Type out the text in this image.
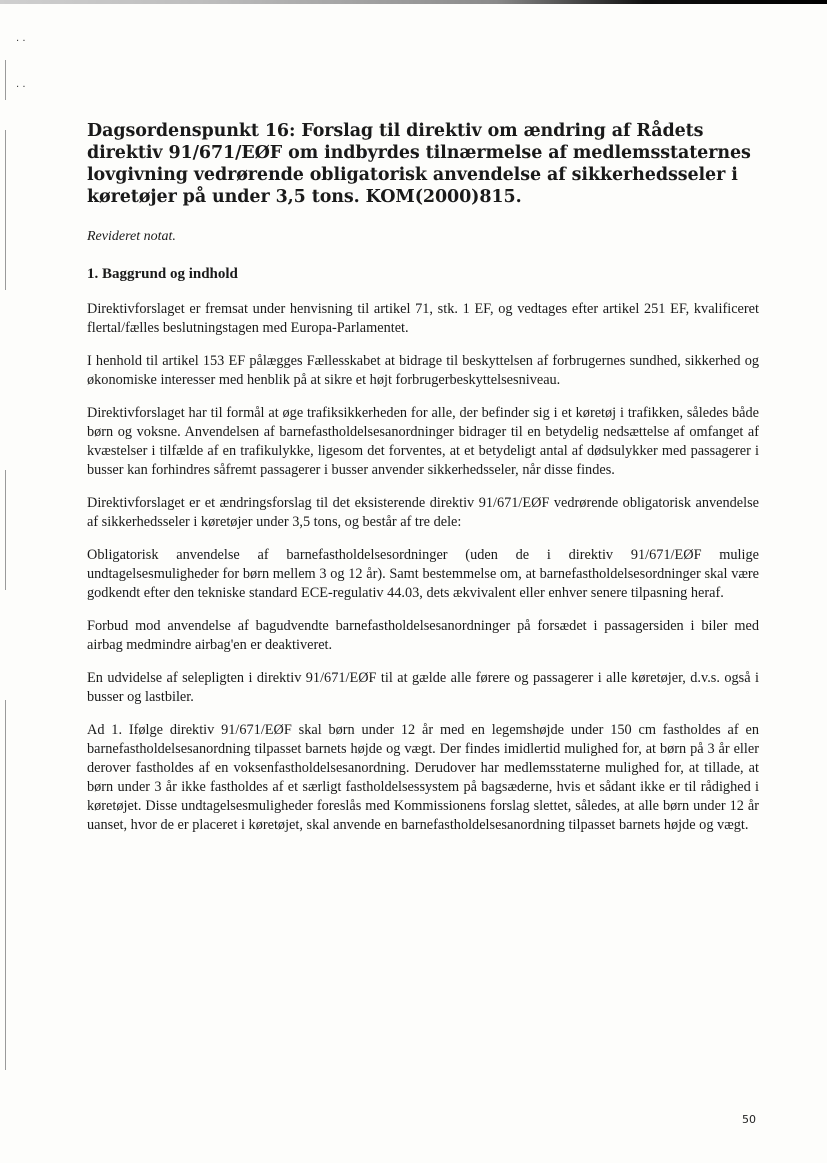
· ·
· ·
Dagsordenspunkt 16: Forslag til direktiv om ændring af Rådets direktiv 91/671/EØF om indbyrdes tilnærmelse af medlemsstaternes lovgivning vedrørende obligatorisk anvendelse af sikkerhedsseler i køretøjer på under 3,5 tons. KOM(2000)815.
Revideret notat.
1. Baggrund og indhold

Direktivforslaget er fremsat under henvisning til artikel 71, stk. 1 EF, og vedtages efter artikel 251 EF, kvalificeret flertal/fælles beslutningstagen med Europa-Parlamentet.

I henhold til artikel 153 EF pålægges Fællesskabet at bidrage til beskyttelsen af forbrugernes sundhed, sikkerhed og økonomiske interesser med henblik på at sikre et højt forbrugerbeskyttelsesniveau.

Direktivforslaget har til formål at øge trafiksikkerheden for alle, der befinder sig i et køretøj i trafikken, således både børn og voksne. Anvendelsen af barnefastholdelsesanordninger bidrager til en betydelig nedsættelse af omfanget af kvæstelser i tilfælde af en trafikulykke, ligesom det forventes, at et betydeligt antal af dødsulykker med passagerer i busser kan forhindres såfremt passagerer i busser anvender sikkerhedsseler, når disse findes.

Direktivforslaget er et ændringsforslag til det eksisterende direktiv 91/671/EØF vedrørende obligatorisk anvendelse af sikkerhedsseler i køretøjer under 3,5 tons, og består af tre dele:

Obligatorisk anvendelse af barnefastholdelsesordninger (uden de i direktiv 91/671/EØF mulige undtagelsesmuligheder for børn mellem 3 og 12 år). Samt bestemmelse om, at barnefastholdelsesordninger skal være godkendt efter den tekniske standard ECE-regulativ 44.03, dets ækvivalent eller enhver senere tilpasning heraf.

Forbud mod anvendelse af bagudvendte barnefastholdelsesanordninger på forsædet i passagersiden i biler med airbag medmindre airbag'en er deaktiveret.

En udvidelse af selepligten i direktiv 91/671/EØF til at gælde alle førere og passagerer i alle køretøjer, d.v.s. også i busser og lastbiler.

Ad 1. Ifølge direktiv 91/671/EØF skal børn under 12 år med en legemshøjde under 150 cm fastholdes af en barnefastholdelsesanordning tilpasset barnets højde og vægt. Der findes imidlertid mulighed for, at børn på 3 år eller derover fastholdes af en voksenfastholdelsesanordning. Derudover har medlemsstaterne mulighed for, at tillade, at børn under 3 år ikke fastholdes af et særligt fastholdelsessystem på bagsæderne, hvis et sådant ikke er til rådighed i køretøjet. Disse undtagelsesmuligheder foreslås med Kommissionens forslag slettet, således, at alle børn under 12 år uanset, hvor de er placeret i køretøjet, skal anvende en barnefastholdelsesanordning tilpasset barnets højde og vægt.

50
